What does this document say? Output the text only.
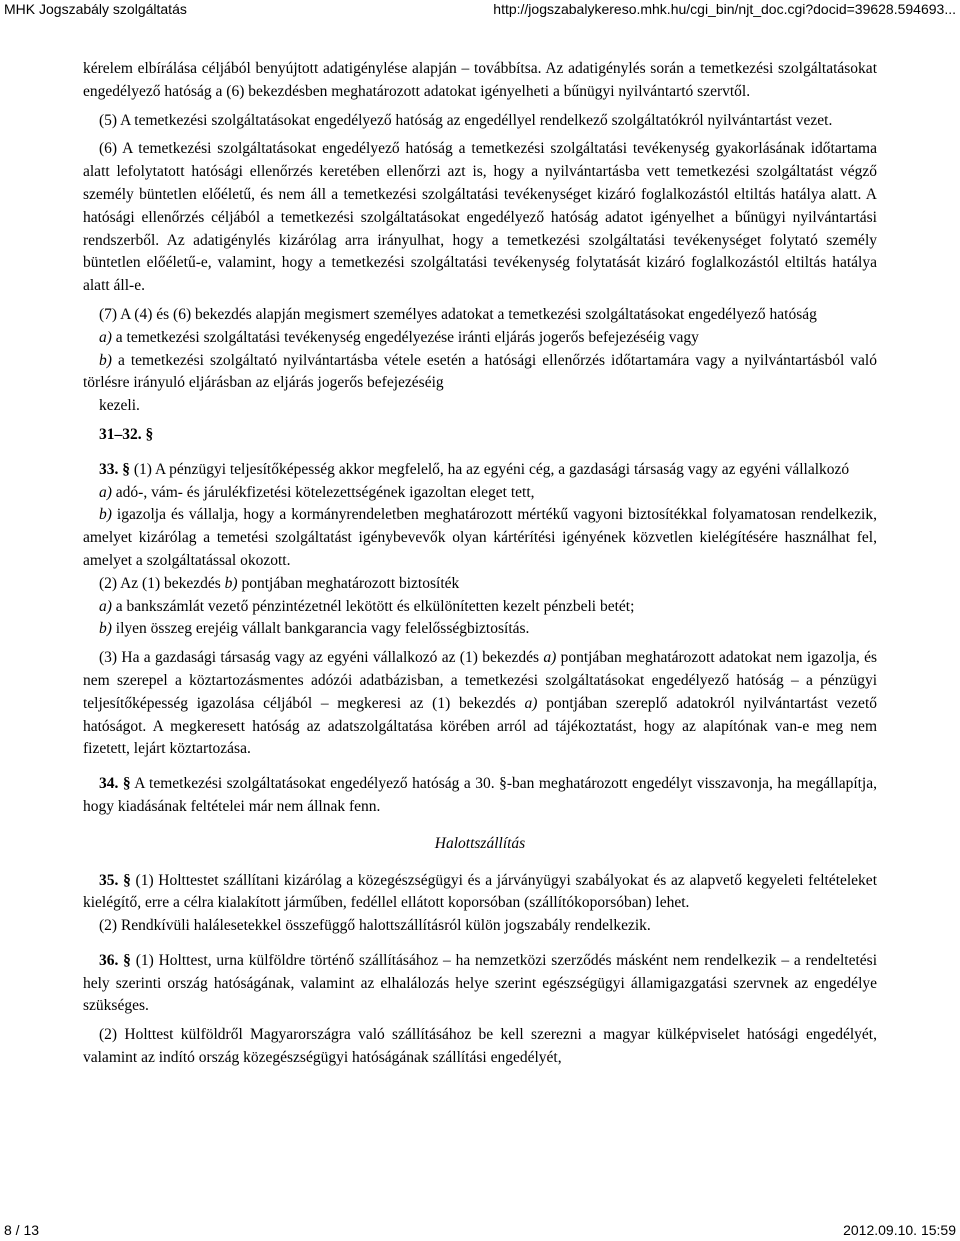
MHK Jogszabály szolgáltatás	http://jogszabalykereso.mhk.hu/cgi_bin/njt_doc.cgi?docid=39628.594693...

kérelem elbírálása céljából benyújtott adatigénylése alapján – továbbítsa. Az adatigénylés során a temetkezési szolgáltatásokat engedélyező hatóság a (6) bekezdésben meghatározott adatokat igényelheti a bűnügyi nyilvántartó szervtől.

(5) A temetkezési szolgáltatásokat engedélyező hatóság az engedéllyel rendelkező szolgáltatókról nyilvántartást vezet.

(6) A temetkezési szolgáltatásokat engedélyező hatóság a temetkezési szolgáltatási tevékenység gyakorlásának időtartama alatt lefolytatott hatósági ellenőrzés keretében ellenőrzi azt is, hogy a nyilvántartásba vett temetkezési szolgáltatást végző személy büntetlen előéletű, és nem áll a temetkezési szolgáltatási tevékenységet kizáró foglalkozástól eltiltás hatálya alatt. A hatósági ellenőrzés céljából a temetkezési szolgáltatásokat engedélyező hatóság adatot igényelhet a bűnügyi nyilvántartási rendszerből. Az adatigénylés kizárólag arra irányulhat, hogy a temetkezési szolgáltatási tevékenységet folytató személy büntetlen előéletű-e, valamint, hogy a temetkezési szolgáltatási tevékenység folytatását kizáró foglalkozástól eltiltás hatálya alatt áll-e.

(7) A (4) és (6) bekezdés alapján megismert személyes adatokat a temetkezési szolgáltatásokat engedélyező hatóság

a) a temetkezési szolgáltatási tevékenység engedélyezése iránti eljárás jogerős befejezéséig vagy

b) a temetkezési szolgáltató nyilvántartásba vétele esetén a hatósági ellenőrzés időtartamára vagy a nyilvántartásból való törlésre irányuló eljárásban az eljárás jogerős befejezéséig

kezeli.

31–32. §

33. § (1) A pénzügyi teljesítőképesség akkor megfelelő, ha az egyéni cég, a gazdasági társaság vagy az egyéni vállalkozó

a) adó-, vám- és járulékfizetési kötelezettségének igazoltan eleget tett,

b) igazolja és vállalja, hogy a kormányrendeletben meghatározott mértékű vagyoni biztosítékkal folyamatosan rendelkezik, amelyet kizárólag a temetési szolgáltatást igénybevevők olyan kártérítési igényének közvetlen kielégítésére használhat fel, amelyet a szolgáltatással okozott.

(2) Az (1) bekezdés b) pontjában meghatározott biztosíték

a) a bankszámlát vezető pénzintézetnél lekötött és elkülönítetten kezelt pénzbeli betét;

b) ilyen összeg erejéig vállalt bankgarancia vagy felelősségbiztosítás.

(3) Ha a gazdasági társaság vagy az egyéni vállalkozó az (1) bekezdés a) pontjában meghatározott adatokat nem igazolja, és nem szerepel a köztartozásmentes adózói adatbázisban, a temetkezési szolgáltatásokat engedélyező hatóság – a pénzügyi teljesítőképesség igazolása céljából – megkeresi az (1) bekezdés a) pontjában szereplő adatokról nyilvántartást vezető hatóságot. A megkeresett hatóság az adatszolgáltatása körében arról ad tájékoztatást, hogy az alapítónak van-e meg nem fizetett, lejárt köztartozása.

34. § A temetkezési szolgáltatásokat engedélyező hatóság a 30. §-ban meghatározott engedélyt visszavonja, ha megállapítja, hogy kiadásának feltételei már nem állnak fenn.

Halottszállítás

35. § (1) Holttestet szállítani kizárólag a közegészségügyi és a járványügyi szabályokat és az alapvető kegyeleti feltételeket kielégítő, erre a célra kialakított járműben, fedéllel ellátott koporsóban (szállítókoporsóban) lehet.

(2) Rendkívüli halálesetekkel összefüggő halottszállításról külön jogszabály rendelkezik.

36. § (1) Holttest, urna külföldre történő szállításához – ha nemzetközi szerződés másként nem rendelkezik – a rendeltetési hely szerinti ország hatóságának, valamint az elhalálozás helye szerint egészségügyi államigazgatási szervnek az engedélye szükséges.

(2) Holttest külföldről Magyarországra való szállításához be kell szerezni a magyar külképviselet hatósági engedélyét, valamint az indító ország közegészségügyi hatóságának szállítási engedélyét,

8 / 13	2012.09.10. 15:59
